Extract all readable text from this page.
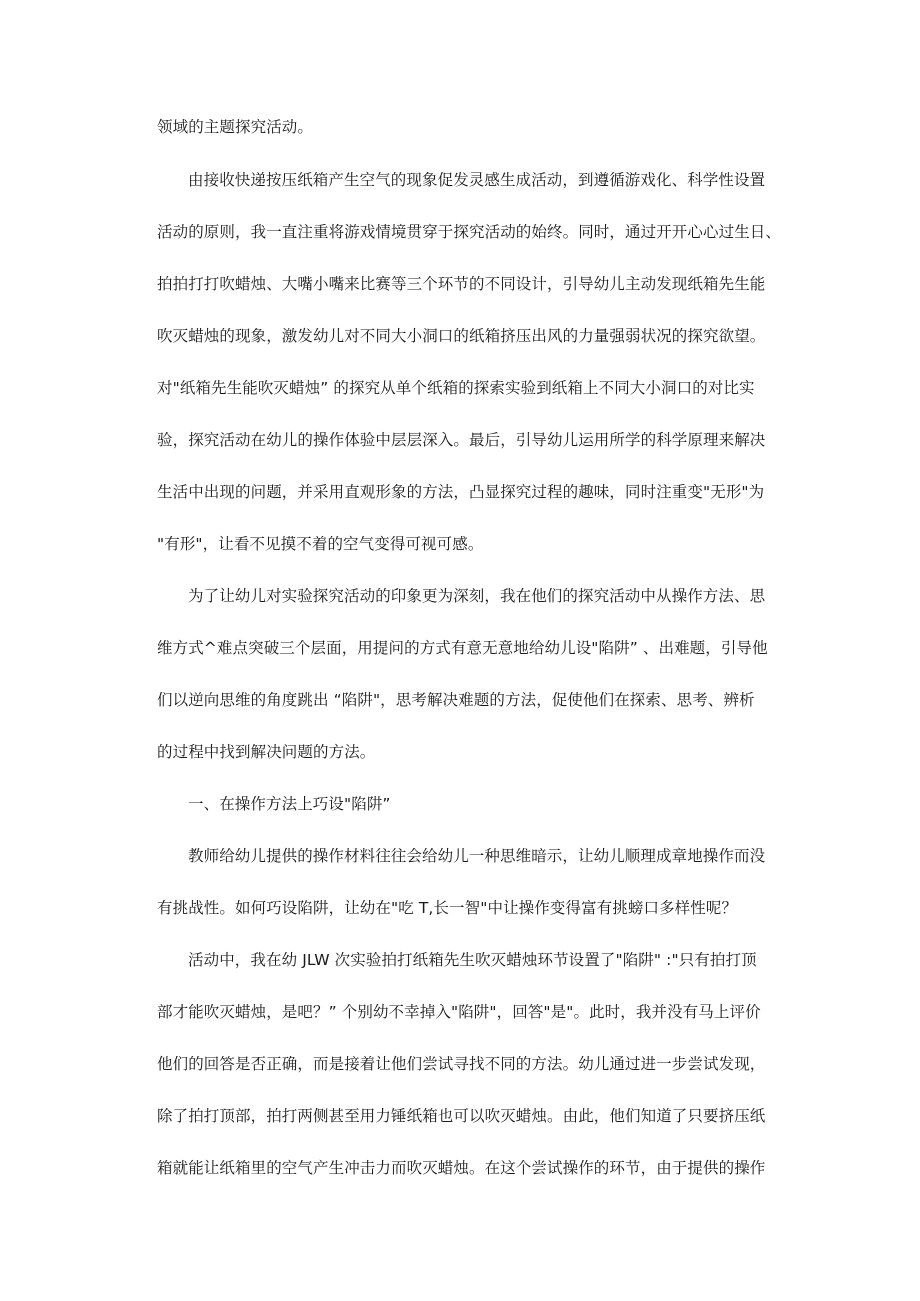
领域的主题探究活动。
由接收快递按压纸箱产生空气的现象促发灵感生成活动，到遵循游戏化、科学性设置
活动的原则，我一直注重将游戏情境贯穿于探究活动的始终。同时，通过开开心心过生日、
拍拍打打吹蜡烛、大嘴小嘴来比赛等三个环节的不同设计，引导幼儿主动发现纸箱先生能
吹灭蜡烛的现象，激发幼儿对不同大小洞口的纸箱挤压出风的力量强弱状况的探究欲望。
对"纸箱先生能吹灭蜡烛” 的探究从单个纸箱的探索实验到纸箱上不同大小洞口的对比实
验，探究活动在幼儿的操作体验中层层深入。最后，引导幼儿运用所学的科学原理来解决
生活中出现的问题，并采用直观形象的方法，凸显探究过程的趣味，同时注重变"无形"为
"有形"，让看不见摸不着的空气变得可视可感。
为了让幼儿对实验探究活动的印象更为深刻，我在他们的探究活动中从操作方法、思
维方式^难点突破三个层面，用提问的方式有意无意地给幼儿设"陷阱” 、出难题，引导他
们以逆向思维的角度跳出 “陷阱"，思考解决难题的方法，促使他们在探索、思考、辨析
的过程中找到解决问题的方法。
一、在操作方法上巧设"陷阱”
教师给幼儿提供的操作材料往往会给幼儿一种思维暗示，让幼儿顺理成章地操作而没
有挑战性。如何巧设陷阱，让幼在"吃 T,长一智"中让操作变得富有挑螃口多样性呢？
活动中，我在幼 JLW 次实验拍打纸箱先生吹灭蜡烛环节设置了"陷阱" :"只有拍打顶
部才能吹灭蜡烛，是吧？” 个别幼不幸掉入"陷阱"，回答"是"。此时，我并没有马上评价
他们的回答是否正确，而是接着让他们尝试寻找不同的方法。幼儿通过进一步尝试发现，
除了拍打顶部，拍打两侧甚至用力锤纸箱也可以吹灭蜡烛。由此，他们知道了只要挤压纸
箱就能让纸箱里的空气产生冲击力而吹灭蜡烛。在这个尝试操作的环节，由于提供的操作
